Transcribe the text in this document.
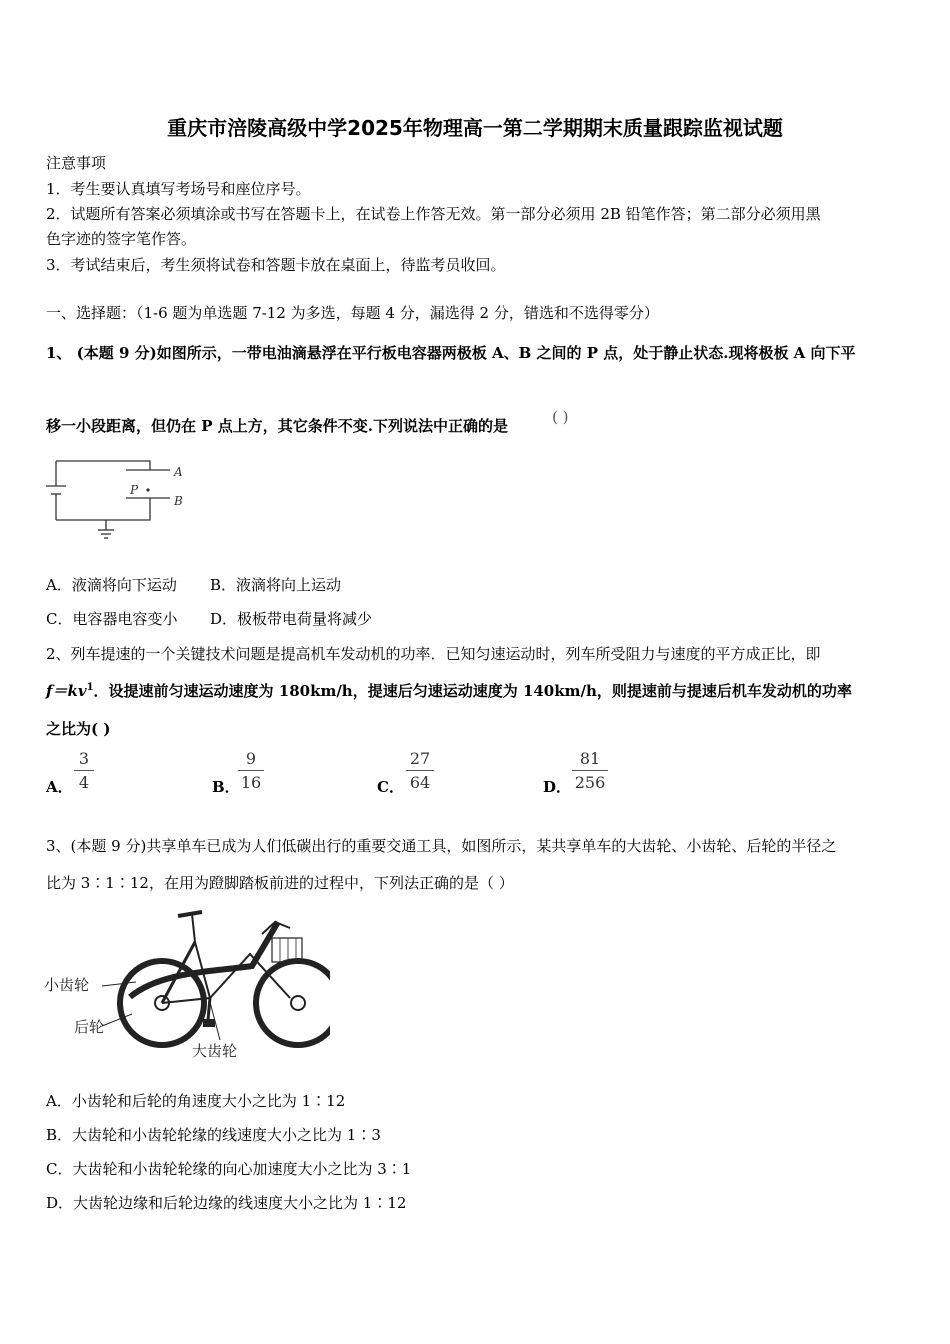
重庆市涪陵高级中学2025年物理高一第二学期期末质量跟踪监视试题
注意事项
1．考生要认真填写考场号和座位序号。
2．试题所有答案必须填涂或书写在答题卡上，在试卷上作答无效。第一部分必须用 2B 铅笔作答；第二部分必须用黑
色字迹的签字笔作答。
3．考试结束后，考生须将试卷和答题卡放在桌面上，待监考员收回。
一、选择题：（1-6 题为单选题 7-12 为多选，每题 4 分，漏选得 2 分，错选和不选得零分）
1、 (本题 9 分)如图所示，一带电油滴悬浮在平行板电容器两极板 A、B 之间的 P 点，处于静止状态.现将极板 A 向下平
移一小段距离，但仍在 P 点上方，其它条件不变.下列说法中正确的是	( )
A
B
P
A．液滴将向下运动 B．液滴将向上运动
C．电容器电容变小 D．极板带电荷量将减少
2、列车提速的一个关键技术问题是提高机车发动机的功率．已知匀速运动时，列车所受阻力与速度的平方成正比，即
$f=kv^1$．设提速前匀速运动速度为 180km/h，提速后匀速运动速度为 140km/h，则提速前与提速后机车发动机的功率
之比为( )
A． $\frac{3}{4}$	B．
$\frac{9}{16}$	C． $\frac{27}{64}$	D． $\frac{81}{256}$
3、(本题 9 分)共享单车已成为人们低碳出行的重要交通工具，如图所示，某共享单车的大齿轮、小齿轮、后轮的半径之
比为 3∶1∶12，在用为蹬脚踏板前进的过程中，下列法正确的是（ ）
小齿轮
后轮
大齿轮
A．小齿轮和后轮的角速度大小之比为 1∶12
B．大齿轮和小齿轮轮缘的线速度大小之比为 1∶3
C．大齿轮和小齿轮轮缘的向心加速度大小之比为 3∶1
D．大齿轮边缘和后轮边缘的线速度大小之比为 1∶12
